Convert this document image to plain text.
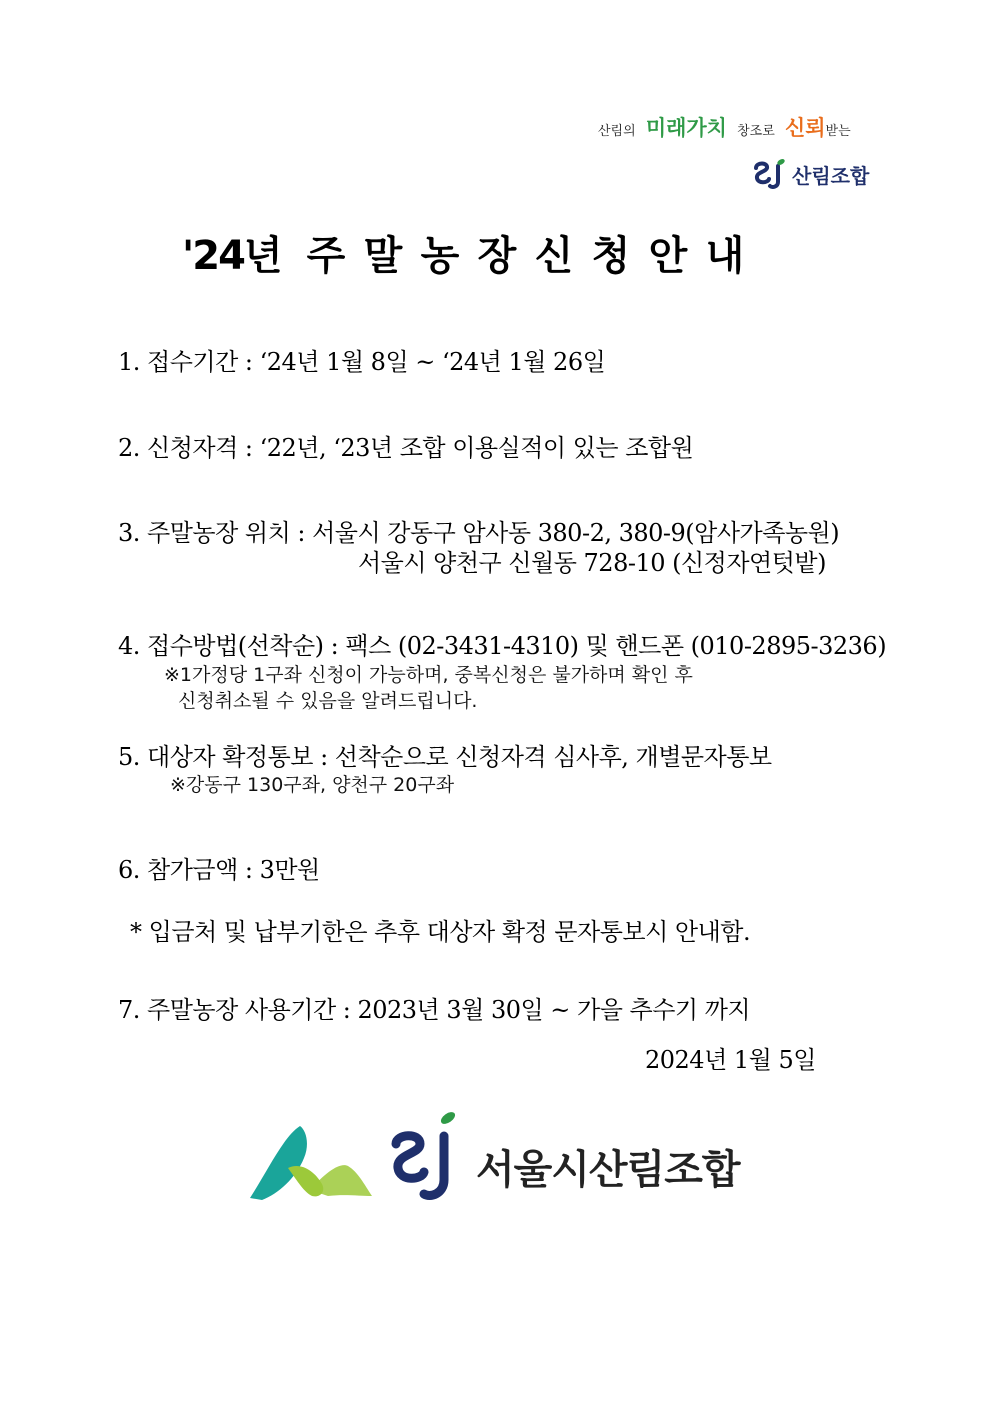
산림의 미래가치 창조로 신뢰받는
산림조합
'24년 주 말 농 장 신 청 안 내
1. 접수기간 : ‘24년 1월 8일 ~ ‘24년 1월 26일
2. 신청자격 : ‘22년, ‘23년 조합 이용실적이 있는 조합원
3. 주말농장 위치 : 서울시 강동구 암사동 380-2, 380-9(암사가족농원)
서울시 양천구 신월동 728-10 (신정자연텃밭)
4. 접수방법(선착순) : 팩스 (02-3431-4310) 및 핸드폰 (010-2895-3236)
※1가정당 1구좌 신청이 가능하며, 중복신청은 불가하며 확인 후
신청취소될 수 있음을 알려드립니다.
5. 대상자 확정통보 : 선착순으로 신청자격 심사후, 개별문자통보
※강동구 130구좌, 양천구 20구좌
6. 참가금액 : 3만원
* 입금처 및 납부기한은 추후 대상자 확정 문자통보시 안내함.
7. 주말농장 사용기간 : 2023년 3월 30일 ~ 가을 추수기 까지
2024년 1월 5일
서울시산림조합
